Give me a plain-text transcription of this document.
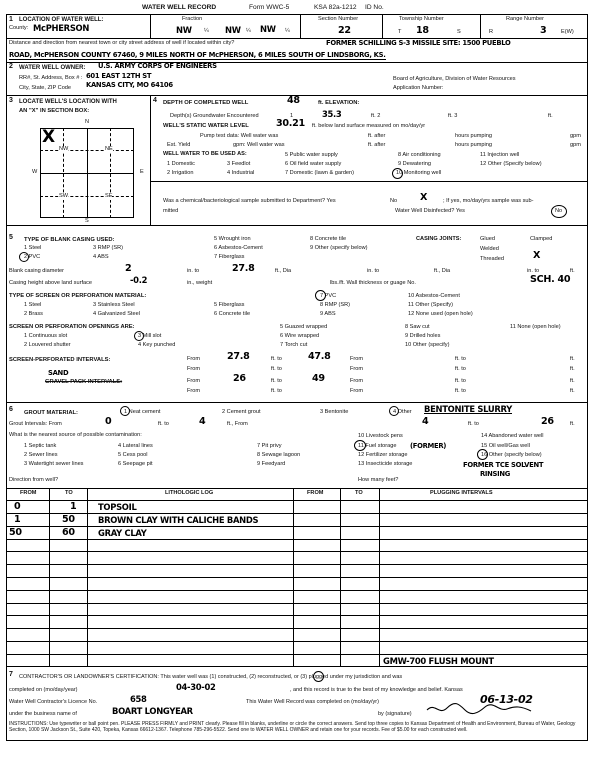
WATER WELL RECORD	Form WWC-5	KSA 82a-1212 ID No.
1 LOCATION OF WATER WELL:
County: McPHERSON
Fraction
NW ¼ NW ¼ NW ¼
Section Number
22
Township Number
T 18	S
Range Number
R	3	E(W)
Distance and direction from nearest town or city street address of well if located within city?	FORMER SCHILLING S-3 MISSILE SITE: 1500 PUEBLO
ROAD, McPHERSON COUNTY 67460, 9 MILES NORTH OF McPHERSON, 6 MILES SOUTH OF LINDSBORG, KS.
2 WATER WELL OWNER: U.S. ARMY CORPS OF ENGINEERS
RR#, St. Address, Box # : 601 EAST 12TH ST
City, State, ZIP Code KANSAS CITY, MO 64106
Board of Agriculture, Division of Water Resources
Application Number:
3 LOCATE WELL'S LOCATION WITH
AN "X" IN SECTION BOX:
N
S
W	E
NW	NE
SW	SE
X
4 DEPTH OF COMPLETED WELL	48	ft. ELEVATION:
Depth(s) Groundwater Encountered	1	35.3	ft. 2	ft. 3	ft.
WELL'S STATIC WATER LEVEL	30.21 ft. below land surface measured on mo/day/yr
Pump test data: Well water was	ft. after	hours pumping	gpm
Est. Yield	gpm: Well water was	ft. after	hours pumping	gpm
WELL WATER TO BE USED AS:
1 Domestic
2 Irrigation
3 Feedlot
4 Industrial
5 Public water supply
6 Oil field water supply
7 Domestic (lawn & garden)
8 Air conditioning
9 Dewatering
10 Monitoring well
11 Injection well
12 Other (Specify below)
Was a chemical/bacteriological sample submitted to Department? Yes	No X	; If yes, mo/day/yrs sample was sub-
mitted	Water Well Disinfected? Yes	No
5 TYPE OF BLANK CASING USED:
1 Steel
2 PVC
3 RMP (SR)
4 ABS
5 Wrought iron
6 Asbestos-Cement
7 Fiberglass
8 Concrete tile
9 Other (specify below)
CASING JOINTS:	Glued	Clamped
Welded
Threaded	X
Blank casing diameter	2	in. to	27.8	ft., Dia	in. to	ft., Dia	in. to	ft.
Casing height above land surface	-0.2	in., weight	lbs./ft. Wall thickness or guage No.	SCH. 40
TYPE OF SCREEN OR PERFORATION MATERIAL:
1 Steel
2 Brass
3 Stainless Steel
4 Galvanized Steel
5 Fiberglass
6 Concrete tile
7 PVC
8 RMP (SR)
9 ABS
10 Asbestos-Cement
11 Other (Specify)
12 None used (open hole)
SCREEN OR PERFORATION OPENINGS ARE:
1 Continuous slot
2 Louvered shutter
3 Mill slot
4 Key punched
5 Guazed wrapped
6 Wire wrapped
7 Torch cut
8 Saw cut
9 Drilled holes
10 Other (specify)
11 None (open hole)
SCREEN-PERFORATED INTERVALS:	From	27.8	ft. to	47.8	From	ft. to	ft.
From	ft. to	From	ft. to	ft.
SAND
GRAVEL PACK INTERVALS:	From	26	ft. to	49	From	ft. to	ft.
From	ft. to	From	ft. to	ft.
6 GROUT MATERIAL:	1 Neat cement	2 Cement grout	3 Bentonite	4 Other BENTONITE SLURRY
Grout Intervals: From	0	ft. to	4	ft., From	4	ft. to	26	ft.
What is the nearest source of possible contamination:
1 Septic tank
2 Sewer lines
3 Watertight sewer lines
4 Lateral lines
5 Cess pool
6 Seepage pit
7 Pit privy
8 Sewage lagoon
9 Feedyard
10 Livestock pens
11 Fuel storage (FORMER)
12 Fertilizer storage
13 Insecticide storage
14 Abandoned water well
15 Oil well/Gas well
16 Other (specify below)
FORMER TCE SOLVENT
RINSING
Direction from well?	How many feet?
FROM	TO	LITHOLOGIC LOG	FROM	TO	PLUGGING INTERVALS
0	1	TOPSOIL
1	50	BROWN CLAY WITH CALICHE BANDS
50	60	GRAY CLAY
GMW-700 FLUSH MOUNT
7 CONTRACTOR'S OR LANDOWNER'S CERTIFICATION: This water well was (1) constructed, (2) reconstructed, or (3) plugged under my jurisdiction and was
completed on (mo/day/year)	04-30-02	, and this record is true to the best of my knowledge and belief. Kansas
Water Well Contractor's Licence No.	658	This Water Well Record was completed on (mo/day/yr)	06-13-02
under the business name of	BOART LONGYEAR	by (signature)
INSTRUCTIONS: Use typewriter or ball point pen. PLEASE PRESS FIRMLY and PRINT clearly. Please fill in blanks, underline or circle the correct answers. Send top three copies to Kansas Department of Health and Environment, Bureau of Water, Geology Section, 1000 SW Jackson St., Suite 420, Topeka, Kansas 66612-1367. Telephone 785-296-5522. Send one to WATER WELL OWNER and retain one for your records. Fee of $5.00 for each constructed well.
